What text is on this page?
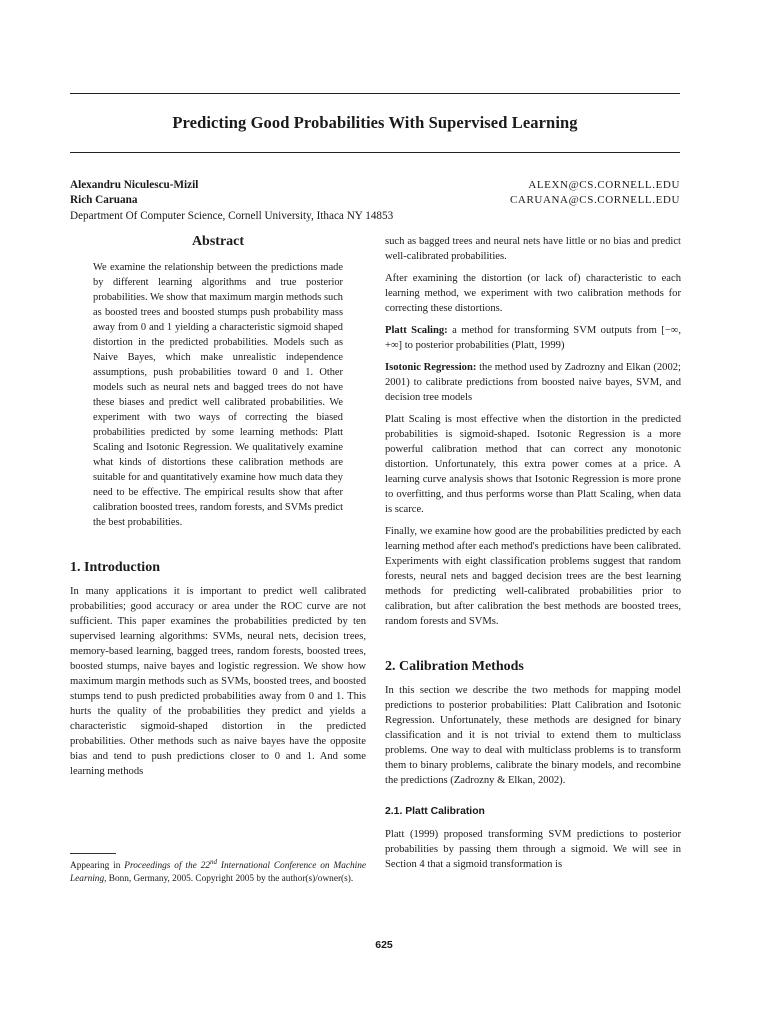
Predicting Good Probabilities With Supervised Learning
Alexandru Niculescu-Mizil	ALEXN@CS.CORNELL.EDU
Rich Caruana	CARUANA@CS.CORNELL.EDU
Department Of Computer Science, Cornell University, Ithaca NY 14853
Abstract

We examine the relationship between the predictions made by different learning algorithms and true posterior probabilities. We show that maximum margin methods such as boosted trees and boosted stumps push probability mass away from 0 and 1 yielding a characteristic sigmoid shaped distortion in the predicted probabilities. Models such as Naive Bayes, which make unrealistic independence assumptions, push probabilities toward 0 and 1. Other models such as neural nets and bagged trees do not have these biases and predict well calibrated probabilities. We experiment with two ways of correcting the biased probabilities predicted by some learning methods: Platt Scaling and Isotonic Regression. We qualitatively examine what kinds of distortions these calibration methods are suitable for and quantitatively examine how much data they need to be effective. The empirical results show that after calibration boosted trees, random forests, and SVMs predict the best probabilities.

1. Introduction

In many applications it is important to predict well calibrated probabilities; good accuracy or area under the ROC curve are not sufficient. This paper examines the probabilities predicted by ten supervised learning algorithms: SVMs, neural nets, decision trees, memory-based learning, bagged trees, random forests, boosted trees, boosted stumps, naive bayes and logistic regression. We show how maximum margin methods such as SVMs, boosted trees, and boosted stumps tend to push predicted probabilities away from 0 and 1. This hurts the quality of the probabilities they predict and yields a characteristic sigmoid-shaped distortion in the predicted probabilities. Other methods such as naive bayes have the opposite bias and tend to push predictions closer to 0 and 1. And some learning methods

Appearing in Proceedings of the 22nd International Conference on Machine Learning, Bonn, Germany, 2005. Copyright 2005 by the author(s)/owner(s).

such as bagged trees and neural nets have little or no bias and predict well-calibrated probabilities.

After examining the distortion (or lack of) characteristic to each learning method, we experiment with two calibration methods for correcting these distortions.

Platt Scaling: a method for transforming SVM outputs from [−∞, +∞] to posterior probabilities (Platt, 1999)

Isotonic Regression: the method used by Zadrozny and Elkan (2002; 2001) to calibrate predictions from boosted naive bayes, SVM, and decision tree models

Platt Scaling is most effective when the distortion in the predicted probabilities is sigmoid-shaped. Isotonic Regression is a more powerful calibration method that can correct any monotonic distortion. Unfortunately, this extra power comes at a price. A learning curve analysis shows that Isotonic Regression is more prone to overfitting, and thus performs worse than Platt Scaling, when data is scarce.

Finally, we examine how good are the probabilities predicted by each learning method after each method's predictions have been calibrated. Experiments with eight classification problems suggest that random forests, neural nets and bagged decision trees are the best learning methods for predicting well-calibrated probabilities prior to calibration, but after calibration the best methods are boosted trees, random forests and SVMs.

2. Calibration Methods

In this section we describe the two methods for mapping model predictions to posterior probabilities: Platt Calibration and Isotonic Regression. Unfortunately, these methods are designed for binary classification and it is not trivial to extend them to multiclass problems. One way to deal with multiclass problems is to transform them to binary problems, calibrate the binary models, and recombine the predictions (Zadrozny & Elkan, 2002).

2.1. Platt Calibration

Platt (1999) proposed transforming SVM predictions to posterior probabilities by passing them through a sigmoid. We will see in Section 4 that a sigmoid transformation is

625
